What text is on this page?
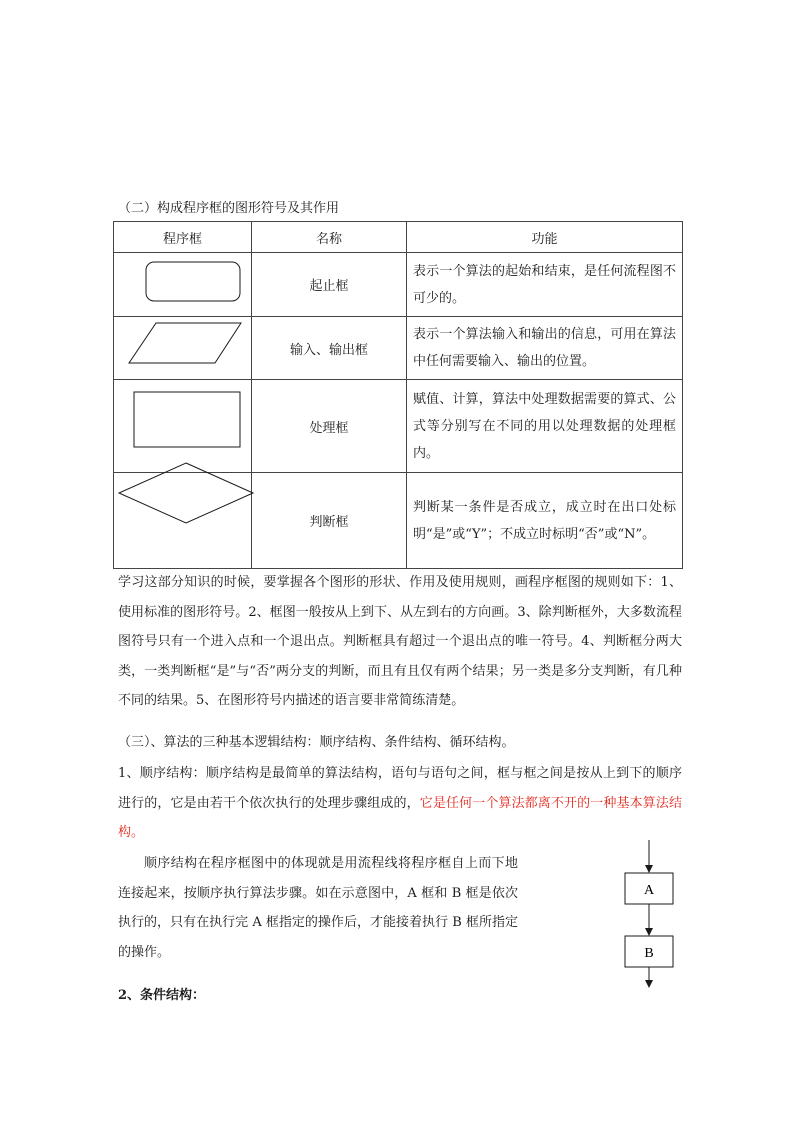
（二）构成程序框的图形符号及其作用
程序框	名称	功能

	起止框	表示一个算法的起始和结束，是任何流程图不可少的。

	输入、输出框	表示一个算法输入和输出的信息，可用在算法中任何需要输入、输出的位置。

	处理框	赋值、计算，算法中处理数据需要的算式、公式等分别写在不同的用以处理数据的处理框内。

	判断框	判断某一条件是否成立，成立时在出口处标明“是”或“Y”；不成立时标明“否”或“N”。
学习这部分知识的时候，要掌握各个图形的形状、作用及使用规则，画程序框图的规则如下：1、使用标准的图形符号。2、框图一般按从上到下、从左到右的方向画。3、除判断框外，大多数流程图符号只有一个进入点和一个退出点。判断框具有超过一个退出点的唯一符号。4、判断框分两大类，一类判断框“是”与“否”两分支的判断，而且有且仅有两个结果；另一类是多分支判断，有几种不同的结果。5、在图形符号内描述的语言要非常简练清楚。
（三）、算法的三种基本逻辑结构：顺序结构、条件结构、循环结构。
1、顺序结构：顺序结构是最简单的算法结构，语句与语句之间，框与框之间是按从上到下的顺序进行的，它是由若干个依次执行的处理步骤组成的，它是任何一个算法都离不开的一种基本算法结构。
顺序结构在程序框图中的体现就是用流程线将程序框自上而下地连接起来，按顺序执行算法步骤。如在示意图中，A 框和 B 框是依次执行的，只有在执行完 A 框指定的操作后，才能接着执行 B 框所指定的操作。
A
B
2、条件结构：
